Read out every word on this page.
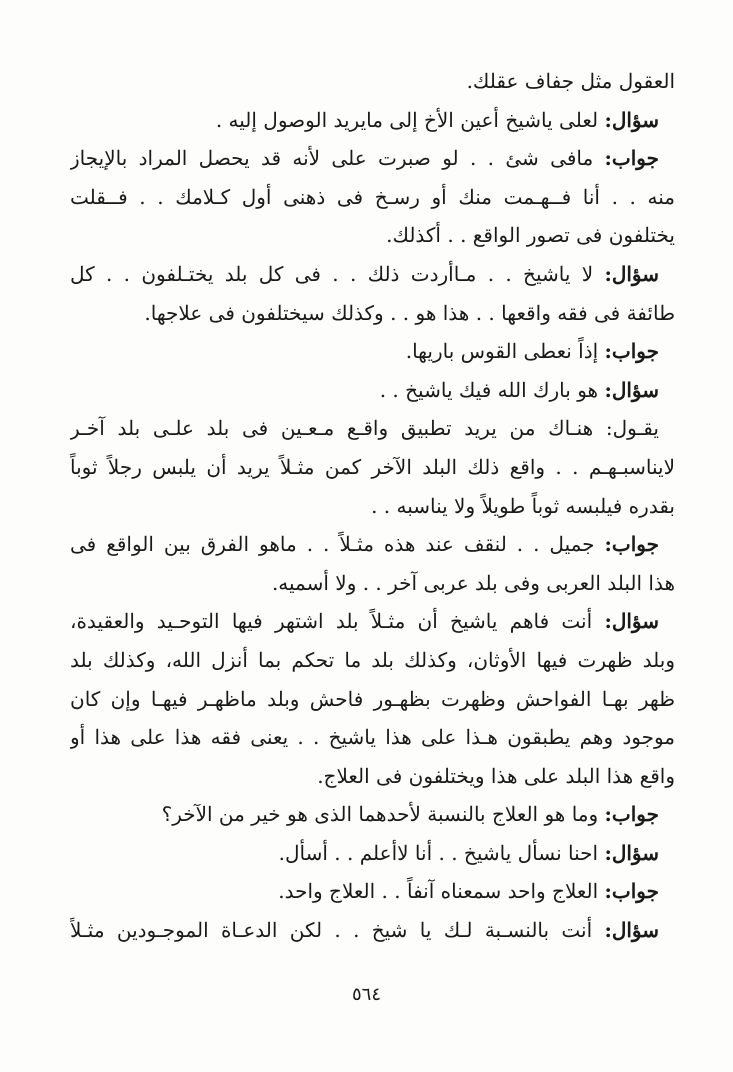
العقول مثل جفاف عقلك.
سؤال: لعلى ياشيخ أعين الأخ إلى مايريد الوصول إليه .
جواب: مافى شئ . . لو صبرت على لأنه قد يحصل المراد بالإيجاز
منه . . أنا فــهـمت منك أو رسـخ فى ذهنى أول كـلامك . . فــقلت
يختلفون فى تصور الواقع . . أكذلك.
سؤال: لا ياشيخ . . مـاأردت ذلك . . فى كل بلد يختـلفون . . كل
طائفة فى فقه واقعها . . هذا هو . . وكذلك سيختلفون فى علاجها.
جواب: إذاً نعطى القوس باريها.
سؤال: هو بارك الله فيك ياشيخ . .
يقـول: هنـاك من يريد تطبيق واقـع مـعـين فى بلد علـى بلد آخـر
لايناسبـهـم . . واقع ذلك البلد الآخر كمن مثـلاً يريد أن يلبس رجلاً ثوباً
بقدره فيلبسه ثوباً طويلاً ولا يناسبه . .
جواب: جميل . . لنقف عند هذه مثـلاً . . ماهو الفرق بين الواقع فى
هذا البلد العربى وفى بلد عربى آخر . . ولا أسميه.
سؤال: أنت فاهم ياشيخ أن مثـلاً بلد اشتهر فيها التوحـيد والعقيدة،
وبلد ظهرت فيها الأوثان، وكذلك بلد ما تحكم بما أنزل الله، وكذلك بلد
ظهر بهـا الفواحش وظهرت بظهـور فاحش وبلد ماظهـر فيهـا وإن كان
موجود وهم يطبقون هـذا على هذا ياشيخ . . يعنى فقه هذا على هذا أو
واقع هذا البلد على هذا ويختلفون فى العلاج.
جواب: وما هو العلاج بالنسبة لأحدهما الذى هو خير من الآخر؟
سؤال: احنا نسأل ياشيخ . . أنا لاأعلم . . أسأل.
جواب: العلاج واحد سمعناه آنفاً . . العلاج واحد.
سؤال: أنت بالنسـبة لـك يا شيخ . . لكن الدعـاة الموجـودين مثـلاً
٥٦٤
